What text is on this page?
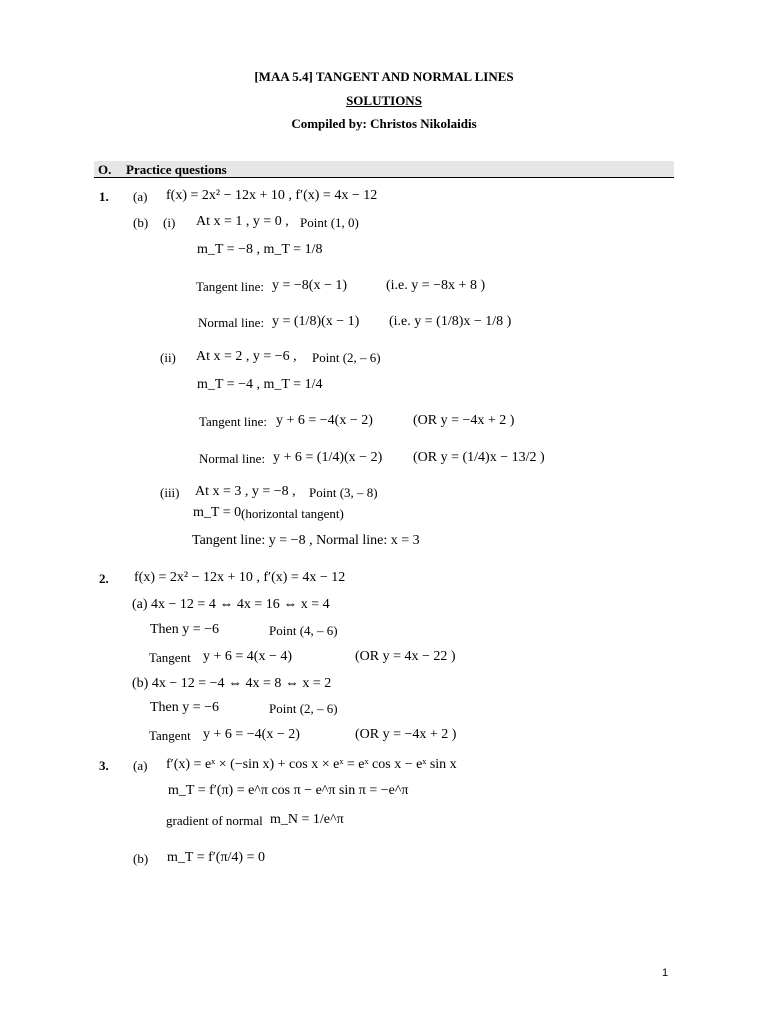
[MAA 5.4] TANGENT AND NORMAL LINES
SOLUTIONS
Compiled by: Christos Nikolaidis
O. Practice questions
1. (a) f(x) = 2x² − 12x + 10 , f′(x) = 4x − 12
(b) (i) At x = 1 , y = 0 , Point (1, 0)
m_T = −8 , m_T = 1/8
Tangent line: y = −8(x − 1)	(i.e. y = −8x + 8 )
Normal line: y = (1/8)(x − 1) (i.e. y = (1/8)x − 1/8 )
(ii) At x = 2 , y = −6 , Point (2, – 6)
m_T = −4 , m_T = 1/4
Tangent line: y + 6 = −4(x − 2)	(OR y = −4x + 2 )
Normal line: y + 6 = (1/4)(x − 2) (OR y = (1/4)x − 13/2 )
(iii) At x = 3 , y = −8 , Point (3, – 8)
m_T = 0 (horizontal tangent)
Tangent line: y = −8 , Normal line: x = 3
2. f(x) = 2x² − 12x + 10 , f′(x) = 4x − 12
(a) 4x − 12 = 4 ⇔ 4x = 16 ⇔ x = 4
Then y = −6	Point (4, – 6)
Tangent y + 6 = 4(x − 4)	(OR y = 4x − 22 )
(b) 4x − 12 = −4 ⇔ 4x = 8 ⇔ x = 2
Then y = −6	Point (2, – 6)
Tangent y + 6 = −4(x − 2)	(OR y = −4x + 2 )
3. (a) f′(x) = eˣ × (−sin x) + cos x × eˣ = eˣ cos x − eˣ sin x
m_T = f′(π) = e^π cos π − e^π sin π = −e^π
gradient of normal m_N = 1/e^π
(b) m_T = f′(π/4) = 0
1
